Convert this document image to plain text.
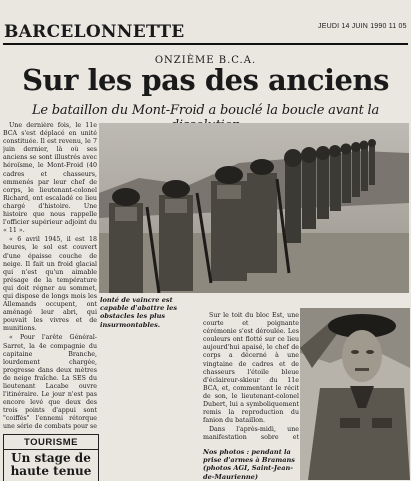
BARCELONNETTE	JEUDI 14 JUIN 1990 11 05
ONZIÈME B.C.A.
Sur les pas des anciens
Le bataillon du Mont-Froid a bouclé la boucle avant la

Une dernière fois, le 11e BCA s'est déplacé en unité constituée. Il est revenu, le 7 juin dernier, là où ses anciens se sont illustrés avec héroïsme, le Mont-Froid (40 cadres et chasseurs, emmenés par leur chef de corps, le lieutenant-colonel Richard, ont escaladé ce lieu chargé d'histoire. Une histoire que nous rappelle l'officier supérieur adjoint du « 11 ».

« 6 avril 1945, il est 18 heures, le sol est couvert d'une épaisse couche de neige. Il fait un froid glacial qui n'est qu'un aimable présage de la température qui doit régner au sommet, qui dispose de longs mois les Allemands occupent, ont aménagé leur abri, qui pouvait les vivres et de munitions.

« Pour l'arête Général-Sarret, la 4e compagnie du capitaine Branche, lourdement chargée, progresse dans deux mètres de neige fraîche. La SES du lieutenant Lacabe ouvre l'itinéraire. Le jour n'est pas encore levé que deux des trois points d'appui sont "coiffés" l'ennemi rétorque une série de combats pour se

lonté de vaincre est capable d'abattre les obstacles les plus insurmontables.

Sur le toit du bloc Est, une courte et poignante cérémonie s'est déroulée. Les couleurs ont flotté sur ce lieu aujourd'hui apaisé, le chef de corps a décerné à une vingtaine de cadres et de chasseurs l'étoile bleue d'éclaireur-skieur du 11e BCA, et, commentant le récit de son, le lieutenant-colonel Dubert, lui a symboliquement remis la reproduction du fanion du bataillon.

Dans l'après-midi, une manifestation sobre et

Nos photos : pendant la prise d'armes à Bramans (photos AGI, Saint-Jean-de-Maurienne)
TOURISME
Un stage de haute tenue
